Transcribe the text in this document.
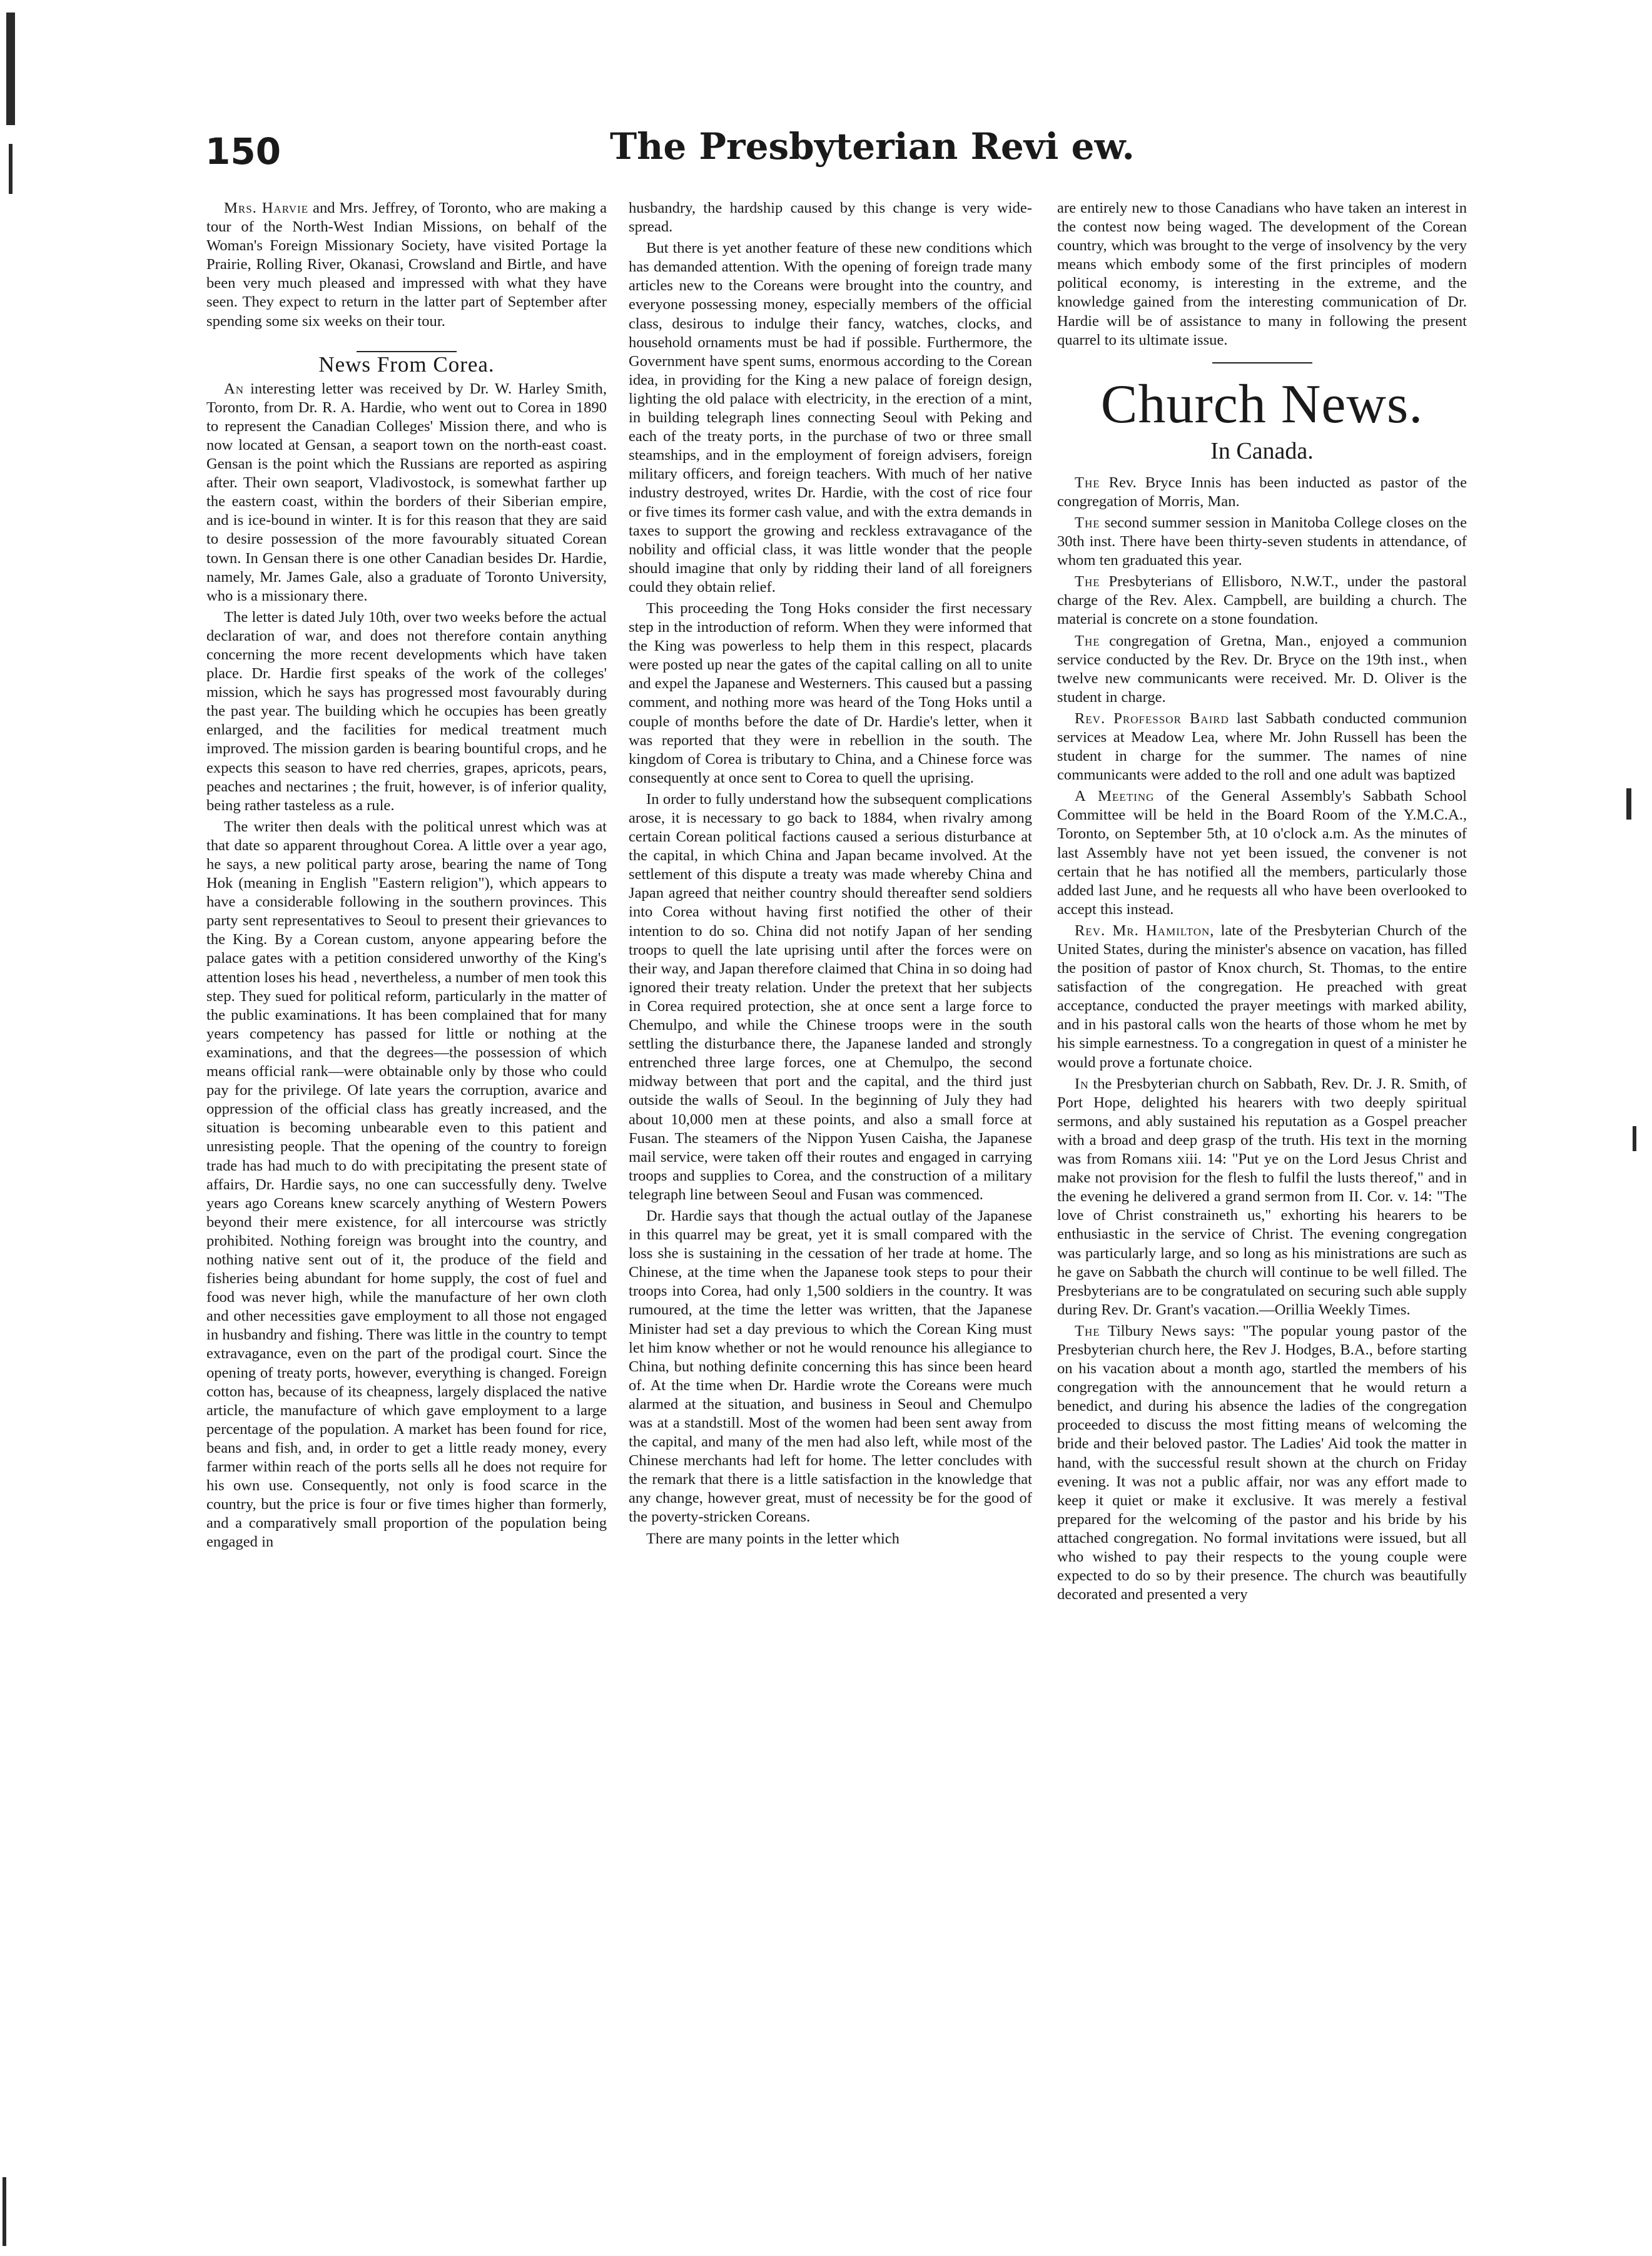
150	The Presbyterian Revi ew.

Mrs. Harvie and Mrs. Jeffrey, of Toronto, who are making a tour of the North-West Indian Missions, on behalf of the Woman's Foreign Missionary Society, have visited Portage la Prairie, Rolling River, Okanasi, Crowsland and Birtle, and have been very much pleased and impressed with what they have seen. They expect to return in the latter part of September after spending some six weeks on their tour.

News From Corea.

An interesting letter was received by Dr. W. Harley Smith, Toronto, from Dr. R. A. Hardie, who went out to Corea in 1890 to represent the Canadian Colleges' Mission there, and who is now located at Gensan, a seaport town on the north-east coast. Gensan is the point which the Russians are reported as aspiring after. Their own seaport, Vladivostock, is somewhat farther up the eastern coast, within the borders of their Siberian empire, and is ice-bound in winter. It is for this reason that they are said to desire possession of the more favourably situated Corean town. In Gensan there is one other Canadian besides Dr. Hardie, namely, Mr. James Gale, also a graduate of Toronto University, who is a missionary there.

The letter is dated July 10th, over two weeks before the actual declaration of war, and does not therefore contain anything concerning the more recent developments which have taken place. Dr. Hardie first speaks of the work of the colleges' mission, which he says has progressed most favourably during the past year. The building which he occupies has been greatly enlarged, and the facilities for medical treatment much improved. The mission garden is bearing bountiful crops, and he expects this season to have red cherries, grapes, apricots, pears, peaches and nectarines ; the fruit, however, is of inferior quality, being rather tasteless as a rule.

The writer then deals with the political unrest which was at that date so apparent throughout Corea. A little over a year ago, he says, a new political party arose, bearing the name of Tong Hok (meaning in English "Eastern religion"), which appears to have a considerable following in the southern provinces. This party sent representatives to Seoul to present their grievances to the King. By a Corean custom, anyone appearing before the palace gates with a petition considered unworthy of the King's attention loses his head , nevertheless, a number of men took this step. They sued for political reform, particularly in the matter of the public examinations. It has been complained that for many years competency has passed for little or nothing at the examinations, and that the degrees—the possession of which means official rank—were obtainable only by those who could pay for the privilege. Of late years the corruption, avarice and oppression of the official class has greatly increased, and the situation is becoming unbearable even to this patient and unresisting people. That the opening of the country to foreign trade has had much to do with precipitating the present state of affairs, Dr. Hardie says, no one can successfully deny. Twelve years ago Coreans knew scarcely anything of Western Powers beyond their mere existence, for all intercourse was strictly prohibited. Nothing foreign was brought into the country, and nothing native sent out of it, the produce of the field and fisheries being abundant for home supply, the cost of fuel and food was never high, while the manufacture of her own cloth and other necessities gave employment to all those not engaged in husbandry and fishing. There was little in the country to tempt extravagance, even on the part of the prodigal court. Since the opening of treaty ports, however, everything is changed. Foreign cotton has, because of its cheapness, largely displaced the native article, the manufacture of which gave employment to a large percentage of the population. A market has been found for rice, beans and fish, and, in order to get a little ready money, every farmer within reach of the ports sells all he does not require for his own use. Consequently, not only is food scarce in the country, but the price is four or five times higher than formerly, and a comparatively small proportion of the population being engaged in

husbandry, the hardship caused by this change is very wide-spread.

But there is yet another feature of these new conditions which has demanded attention. With the opening of foreign trade many articles new to the Coreans were brought into the country, and everyone possessing money, especially members of the official class, desirous to indulge their fancy, watches, clocks, and household ornaments must be had if possible. Furthermore, the Government have spent sums, enormous according to the Corean idea, in providing for the King a new palace of foreign design, lighting the old palace with electricity, in the erection of a mint, in building telegraph lines connecting Seoul with Peking and each of the treaty ports, in the purchase of two or three small steamships, and in the employment of foreign advisers, foreign military officers, and foreign teachers. With much of her native industry destroyed, writes Dr. Hardie, with the cost of rice four or five times its former cash value, and with the extra demands in taxes to support the growing and reckless extravagance of the nobility and official class, it was little wonder that the people should imagine that only by ridding their land of all foreigners could they obtain relief.

This proceeding the Tong Hoks consider the first necessary step in the introduction of reform. When they were informed that the King was powerless to help them in this respect, placards were posted up near the gates of the capital calling on all to unite and expel the Japanese and Westerners. This caused but a passing comment, and nothing more was heard of the Tong Hoks until a couple of months before the date of Dr. Hardie's letter, when it was reported that they were in rebellion in the south. The kingdom of Corea is tributary to China, and a Chinese force was consequently at once sent to Corea to quell the uprising.

In order to fully understand how the subsequent complications arose, it is necessary to go back to 1884, when rivalry among certain Corean political factions caused a serious disturbance at the capital, in which China and Japan became involved. At the settlement of this dispute a treaty was made whereby China and Japan agreed that neither country should thereafter send soldiers into Corea without having first notified the other of their intention to do so. China did not notify Japan of her sending troops to quell the late uprising until after the forces were on their way, and Japan therefore claimed that China in so doing had ignored their treaty relation. Under the pretext that her subjects in Corea required protection, she at once sent a large force to Chemulpo, and while the Chinese troops were in the south settling the disturbance there, the Japanese landed and strongly entrenched three large forces, one at Chemulpo, the second midway between that port and the capital, and the third just outside the walls of Seoul. In the beginning of July they had about 10,000 men at these points, and also a small force at Fusan. The steamers of the Nippon Yusen Caisha, the Japanese mail service, were taken off their routes and engaged in carrying troops and supplies to Corea, and the construction of a military telegraph line between Seoul and Fusan was commenced.

Dr. Hardie says that though the actual outlay of the Japanese in this quarrel may be great, yet it is small compared with the loss she is sustaining in the cessation of her trade at home. The Chinese, at the time when the Japanese took steps to pour their troops into Corea, had only 1,500 soldiers in the country. It was rumoured, at the time the letter was written, that the Japanese Minister had set a day previous to which the Corean King must let him know whether or not he would renounce his allegiance to China, but nothing definite concerning this has since been heard of. At the time when Dr. Hardie wrote the Coreans were much alarmed at the situation, and business in Seoul and Chemulpo was at a standstill. Most of the women had been sent away from the capital, and many of the men had also left, while most of the Chinese merchants had left for home. The letter concludes with the remark that there is a little satisfaction in the knowledge that any change, however great, must of necessity be for the good of the poverty-stricken Coreans.

There are many points in the letter which

are entirely new to those Canadians who have taken an interest in the contest now being waged. The development of the Corean country, which was brought to the verge of insolvency by the very means which embody some of the first principles of modern political economy, is interesting in the extreme, and the knowledge gained from the interesting communication of Dr. Hardie will be of assistance to many in following the present quarrel to its ultimate issue.

Church News.
In Canada.

The Rev. Bryce Innis has been inducted as pastor of the congregation of Morris, Man.

The second summer session in Manitoba College closes on the 30th inst. There have been thirty-seven students in attendance, of whom ten graduated this year.

The Presbyterians of Ellisboro, N.W.T., under the pastoral charge of the Rev. Alex. Campbell, are building a church. The material is concrete on a stone foundation.

The congregation of Gretna, Man., enjoyed a communion service conducted by the Rev. Dr. Bryce on the 19th inst., when twelve new communicants were received. Mr. D. Oliver is the student in charge.

Rev. Professor Baird last Sabbath conducted communion services at Meadow Lea, where Mr. John Russell has been the student in charge for the summer. The names of nine communicants were added to the roll and one adult was baptized

A Meeting of the General Assembly's Sabbath School Committee will be held in the Board Room of the Y.M.C.A., Toronto, on September 5th, at 10 o'clock a.m. As the minutes of last Assembly have not yet been issued, the convener is not certain that he has notified all the members, particularly those added last June, and he requests all who have been overlooked to accept this instead.

Rev. Mr. Hamilton, late of the Presbyterian Church of the United States, during the minister's absence on vacation, has filled the position of pastor of Knox church, St. Thomas, to the entire satisfaction of the congregation. He preached with great acceptance, conducted the prayer meetings with marked ability, and in his pastoral calls won the hearts of those whom he met by his simple earnestness. To a congregation in quest of a minister he would prove a fortunate choice.

In the Presbyterian church on Sabbath, Rev. Dr. J. R. Smith, of Port Hope, delighted his hearers with two deeply spiritual sermons, and ably sustained his reputation as a Gospel preacher with a broad and deep grasp of the truth. His text in the morning was from Romans xiii. 14: "Put ye on the Lord Jesus Christ and make not provision for the flesh to fulfil the lusts thereof," and in the evening he delivered a grand sermon from II. Cor. v. 14: "The love of Christ constraineth us," exhorting his hearers to be enthusiastic in the service of Christ. The evening congregation was particularly large, and so long as his ministrations are such as he gave on Sabbath the church will continue to be well filled. The Presbyterians are to be congratulated on securing such able supply during Rev. Dr. Grant's vacation.—Orillia Weekly Times.

The Tilbury News says: "The popular young pastor of the Presbyterian church here, the Rev J. Hodges, B.A., before starting on his vacation about a month ago, startled the members of his congregation with the announcement that he would return a benedict, and during his absence the ladies of the congregation proceeded to discuss the most fitting means of welcoming the bride and their beloved pastor. The Ladies' Aid took the matter in hand, with the successful result shown at the church on Friday evening. It was not a public affair, nor was any effort made to keep it quiet or make it exclusive. It was merely a festival prepared for the welcoming of the pastor and his bride by his attached congregation. No formal invitations were issued, but all who wished to pay their respects to the young couple were expected to do so by their presence. The church was beautifully decorated and presented a very
